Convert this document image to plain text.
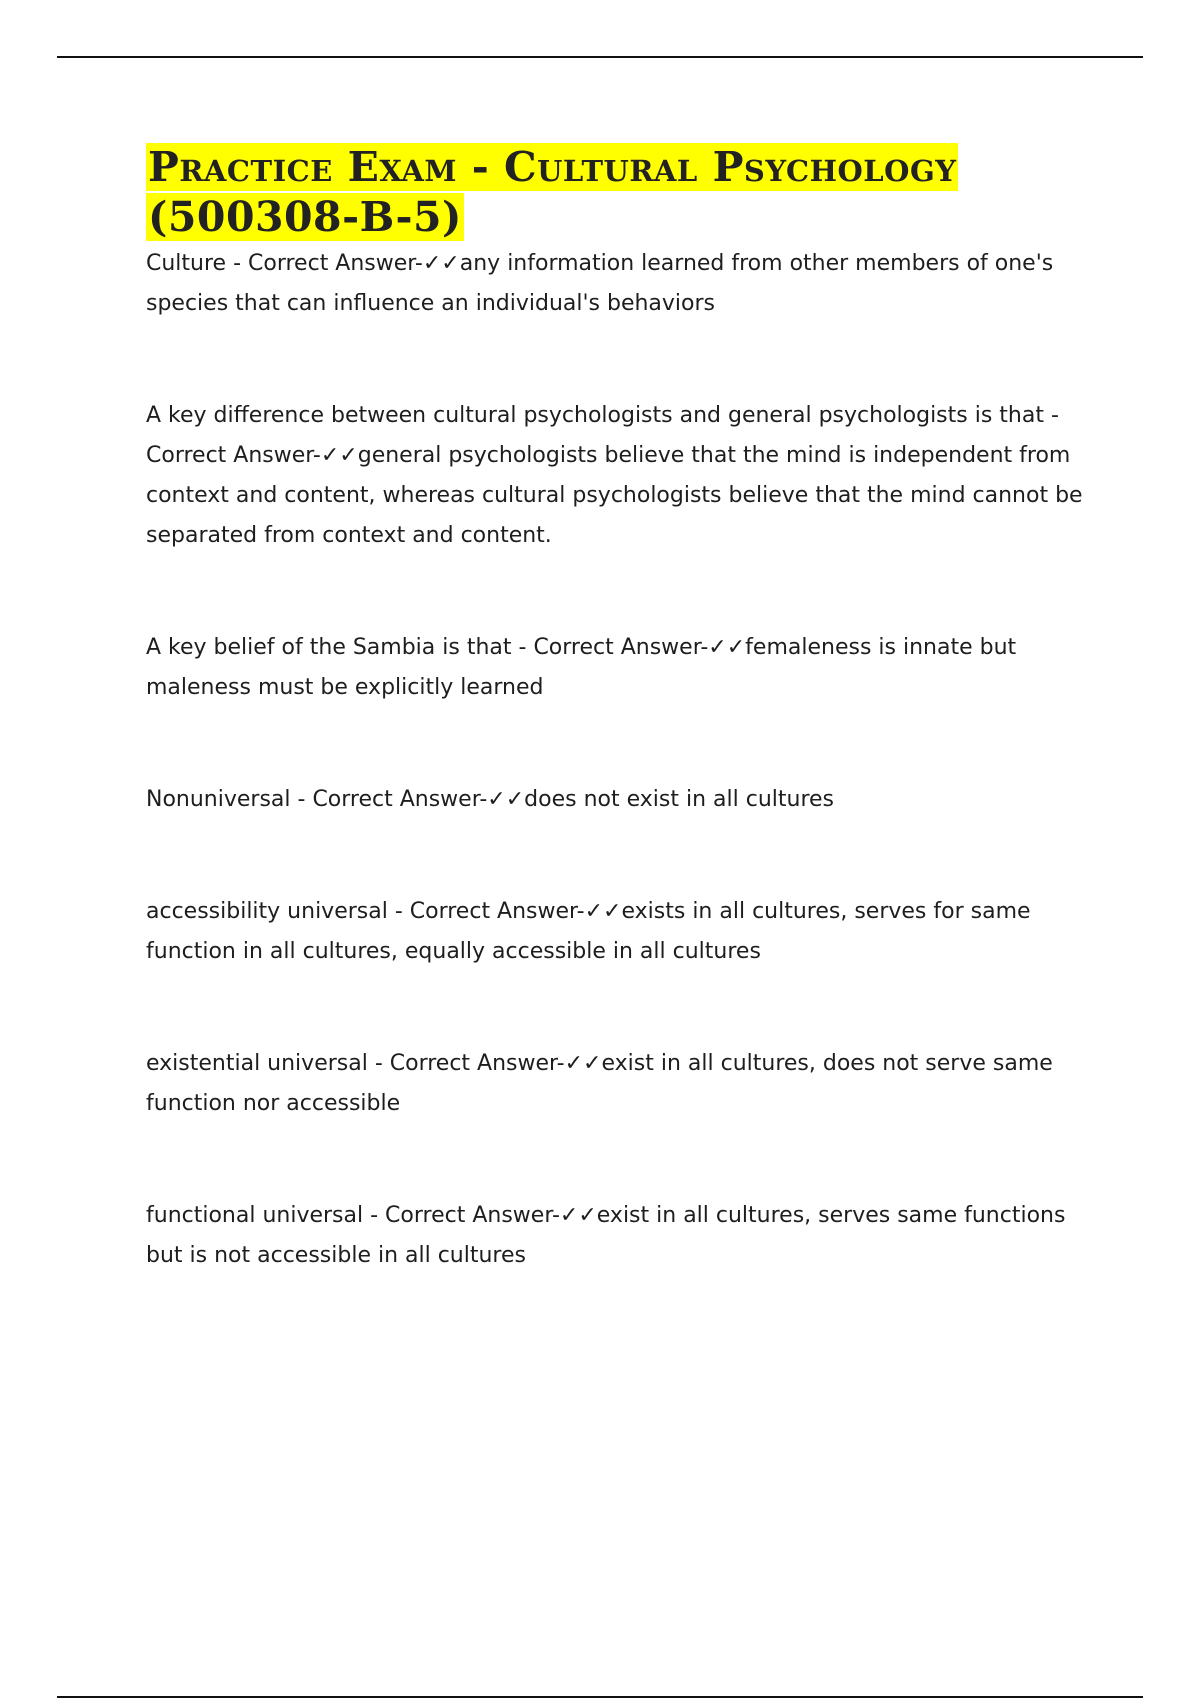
Practice Exam - Cultural Psychology (500308-B-5)

Culture - Correct Answer-✓✓any information learned from other members of one's species that can influence an individual's behaviors

A key difference between cultural psychologists and general psychologists is that - Correct Answer-✓✓general psychologists believe that the mind is independent from context and content, whereas cultural psychologists believe that the mind cannot be separated from context and content.

A key belief of the Sambia is that - Correct Answer-✓✓femaleness is innate but maleness must be explicitly learned

Nonuniversal - Correct Answer-✓✓does not exist in all cultures

accessibility universal - Correct Answer-✓✓exists in all cultures, serves for same function in all cultures, equally accessible in all cultures

existential universal - Correct Answer-✓✓exist in all cultures, does not serve same function nor accessible

functional universal - Correct Answer-✓✓exist in all cultures, serves same functions but is not accessible in all cultures
